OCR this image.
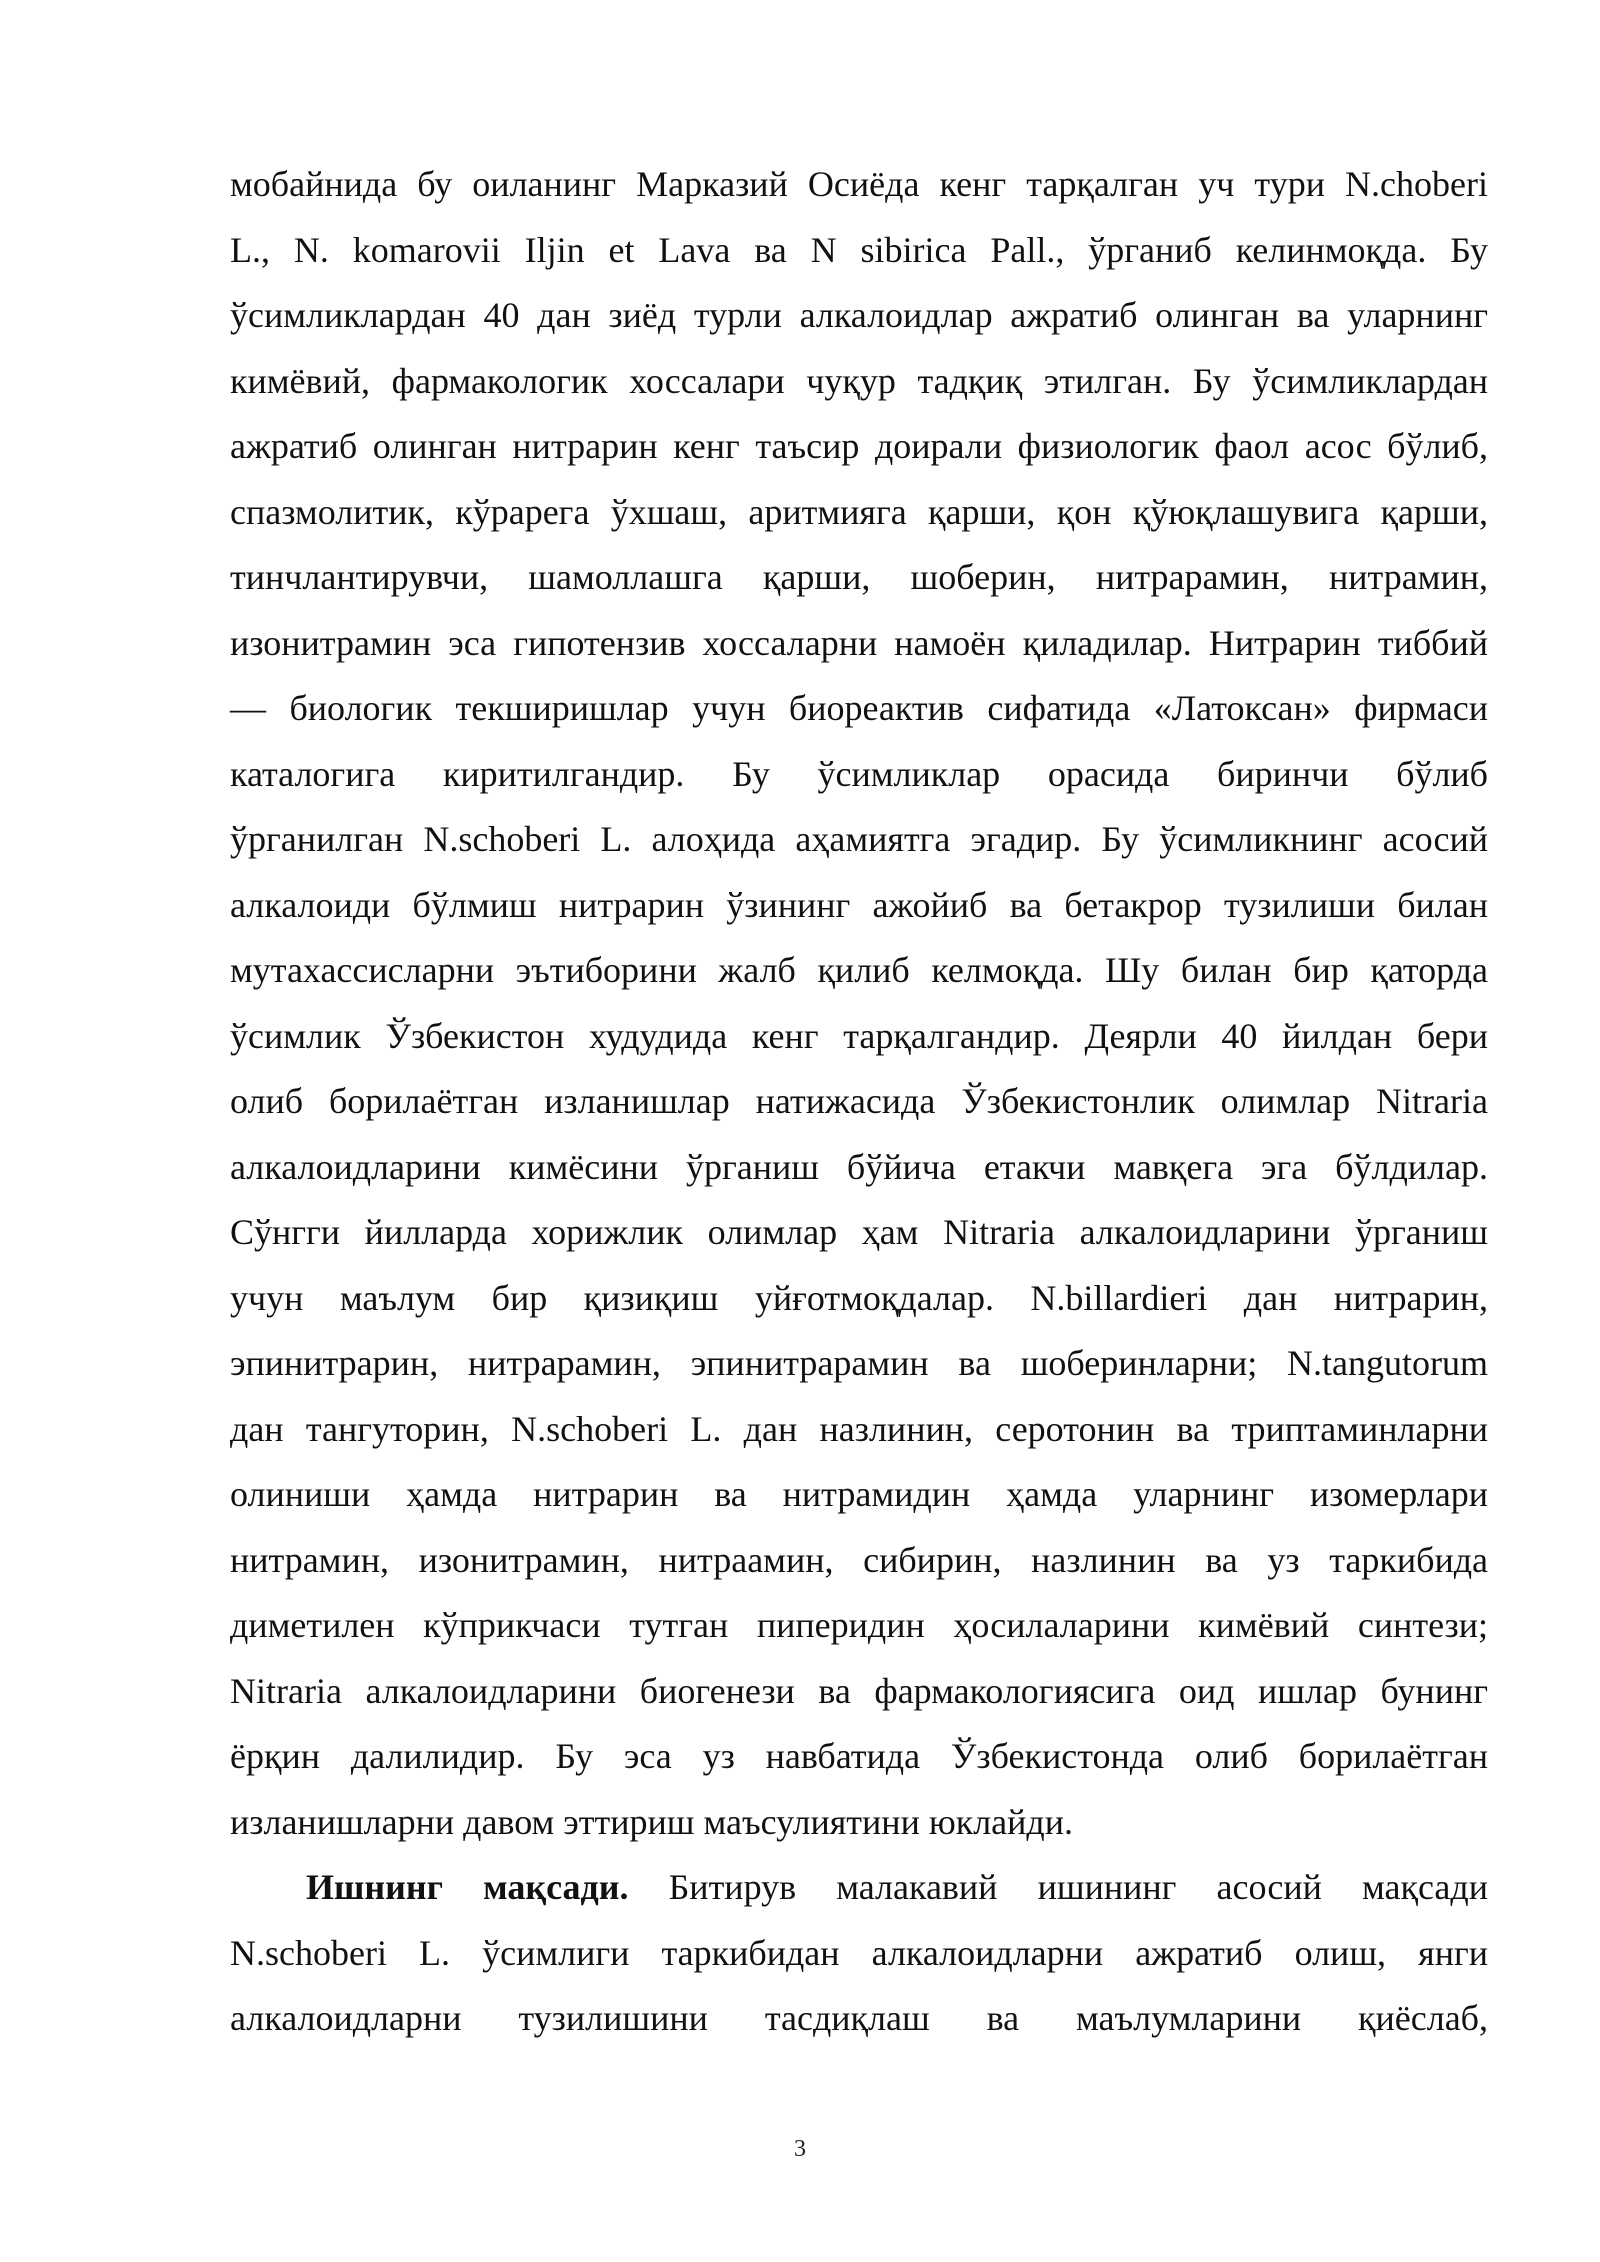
мобайнида бу оиланинг Марказий Осиёда кенг тарқалган уч тури N.choberi
L., N. komarovii Iljin et Lava ва N sibirica Pall., ўрганиб келинмоқда. Бу
ўсимликлардан 40 дан зиёд турли алкалоидлар ажратиб олинган ва уларнинг
кимёвий, фармакологик хоссалари чуқур тадқиқ этилган. Бу ўсимликлардан
ажратиб олинган нитрарин кенг таъсир доирали физиологик фаол асос бўлиб,
спазмолитик, кўрарега ўхшаш, аритмияга қарши, қон қўюқлашувига қарши,
тинчлантирувчи, шамоллашга қарши, шоберин, нитрарамин, нитрамин,
изонитрамин эса гипотензив хоссаларни намоён қиладилар. Нитрарин тиббий
— биологик текширишлар учун биореактив сифатида «Латоксан» фирмаси
каталогига киритилгандир. Бу ўсимликлар орасида биринчи бўлиб
ўрганилган N.schoberi L. алоҳида аҳамиятга эгадир. Бу ўсимликнинг асосий
алкалоиди бўлмиш нитрарин ўзининг ажойиб ва бетакрор тузилиши билан
мутахассисларни эътиборини жалб қилиб келмоқда. Шу билан бир қаторда
ўсимлик Ўзбекистон худудида кенг тарқалгандир. Деярли 40 йилдан бери
олиб борилаётган изланишлар натижасида Ўзбекистонлик олимлар Nitraria
алкалоидларини кимёсини ўрганиш бўйича етакчи мавқега эга бўлдилар.
Сўнгги йилларда хорижлик олимлар ҳам Nitraria алкалоидларини ўрганиш
учун маълум бир қизиқиш уйғотмоқдалар. N.billardieri дан нитрарин,
эпинитрарин, нитрарамин, эпинитрарамин ва шоберинларни; N.tangutorum
дан тангуторин, N.schoberi L. дан назлинин, серотонин ва триптаминларни
олиниши ҳамда нитрарин ва нитрамидин ҳамда уларнинг изомерлари
нитрамин, изонитрамин, нитраамин, сибирин, назлинин ва уз таркибида
диметилен кўприкчаси тутган пиперидин ҳосилаларини кимёвий синтези;
Nitraria алкалоидларини биогенези ва фармакологиясига оид ишлар бунинг
ёрқин далилидир. Бу эса уз навбатида Ўзбекистонда олиб борилаётган
изланишларни давом эттириш маъсулиятини юклайди.
Ишнинг мақсади. Битирув малакавий ишининг асосий мақсади
N.schoberi L. ўсимлиги таркибидан алкалоидларни ажратиб олиш, янги
алкалоидларни тузилишини тасдиқлаш ва маълумларини қиёслаб,
3
